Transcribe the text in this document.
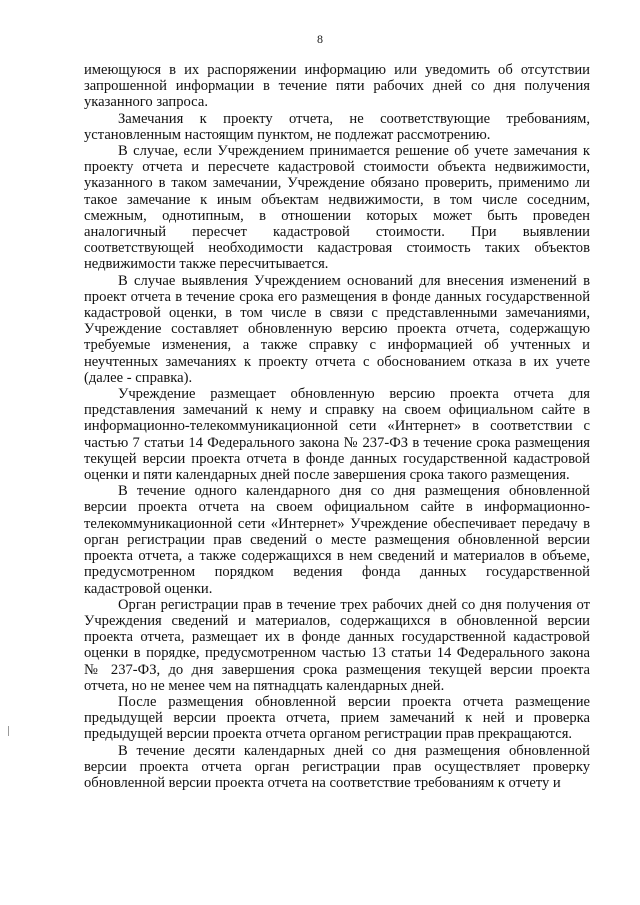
8

имеющуюся в их распоряжении информацию или уведомить об отсутствии запрошенной информации в течение пяти рабочих дней со дня получения указанного запроса.

Замечания к проекту отчета, не соответствующие требованиям, установленным настоящим пунктом, не подлежат рассмотрению.

В случае, если Учреждением принимается решение об учете замечания к проекту отчета и пересчете кадастровой стоимости объекта недвижимости, указанного в таком замечании, Учреждение обязано проверить, применимо ли такое замечание к иным объектам недвижимости, в том числе соседним, смежным, однотипным, в отношении которых может быть проведен аналогичный пересчет кадастровой стоимости. При выявлении соответствующей необходимости кадастровая стоимость таких объектов недвижимости также пересчитывается.

В случае выявления Учреждением оснований для внесения изменений в проект отчета в течение срока его размещения в фонде данных государственной кадастровой оценки, в том числе в связи с представленными замечаниями, Учреждение составляет обновленную версию проекта отчета, содержащую требуемые изменения, а также справку с информацией об учтенных и неучтенных замечаниях к проекту отчета с обоснованием отказа в их учете (далее - справка).

Учреждение размещает обновленную версию проекта отчета для представления замечаний к нему и справку на своем официальном сайте в информационно-телекоммуникационной сети «Интернет» в соответствии с частью 7 статьи 14 Федерального закона № 237-ФЗ в течение срока размещения текущей версии проекта отчета в фонде данных государственной кадастровой оценки и пяти календарных дней после завершения срока такого размещения.

В течение одного календарного дня со дня размещения обновленной версии проекта отчета на своем официальном сайте в информационно-телекоммуникационной сети «Интернет» Учреждение обеспечивает передачу в орган регистрации прав сведений о месте размещения обновленной версии проекта отчета, а также содержащихся в нем сведений и материалов в объеме, предусмотренном порядком ведения фонда данных государственной кадастровой оценки.

Орган регистрации прав в течение трех рабочих дней со дня получения от Учреждения сведений и материалов, содержащихся в обновленной версии проекта отчета, размещает их в фонде данных государственной кадастровой оценки в порядке, предусмотренном частью 13 статьи 14 Федерального закона № 237-ФЗ, до дня завершения срока размещения текущей версии проекта отчета, но не менее чем на пятнадцать календарных дней.

После размещения обновленной версии проекта отчета размещение предыдущей версии проекта отчета, прием замечаний к ней и проверка предыдущей версии проекта отчета органом регистрации прав прекращаются.

В течение десяти календарных дней со дня размещения обновленной версии проекта отчета орган регистрации прав осуществляет проверку обновленной версии проекта отчета на соответствие требованиям к отчету и
